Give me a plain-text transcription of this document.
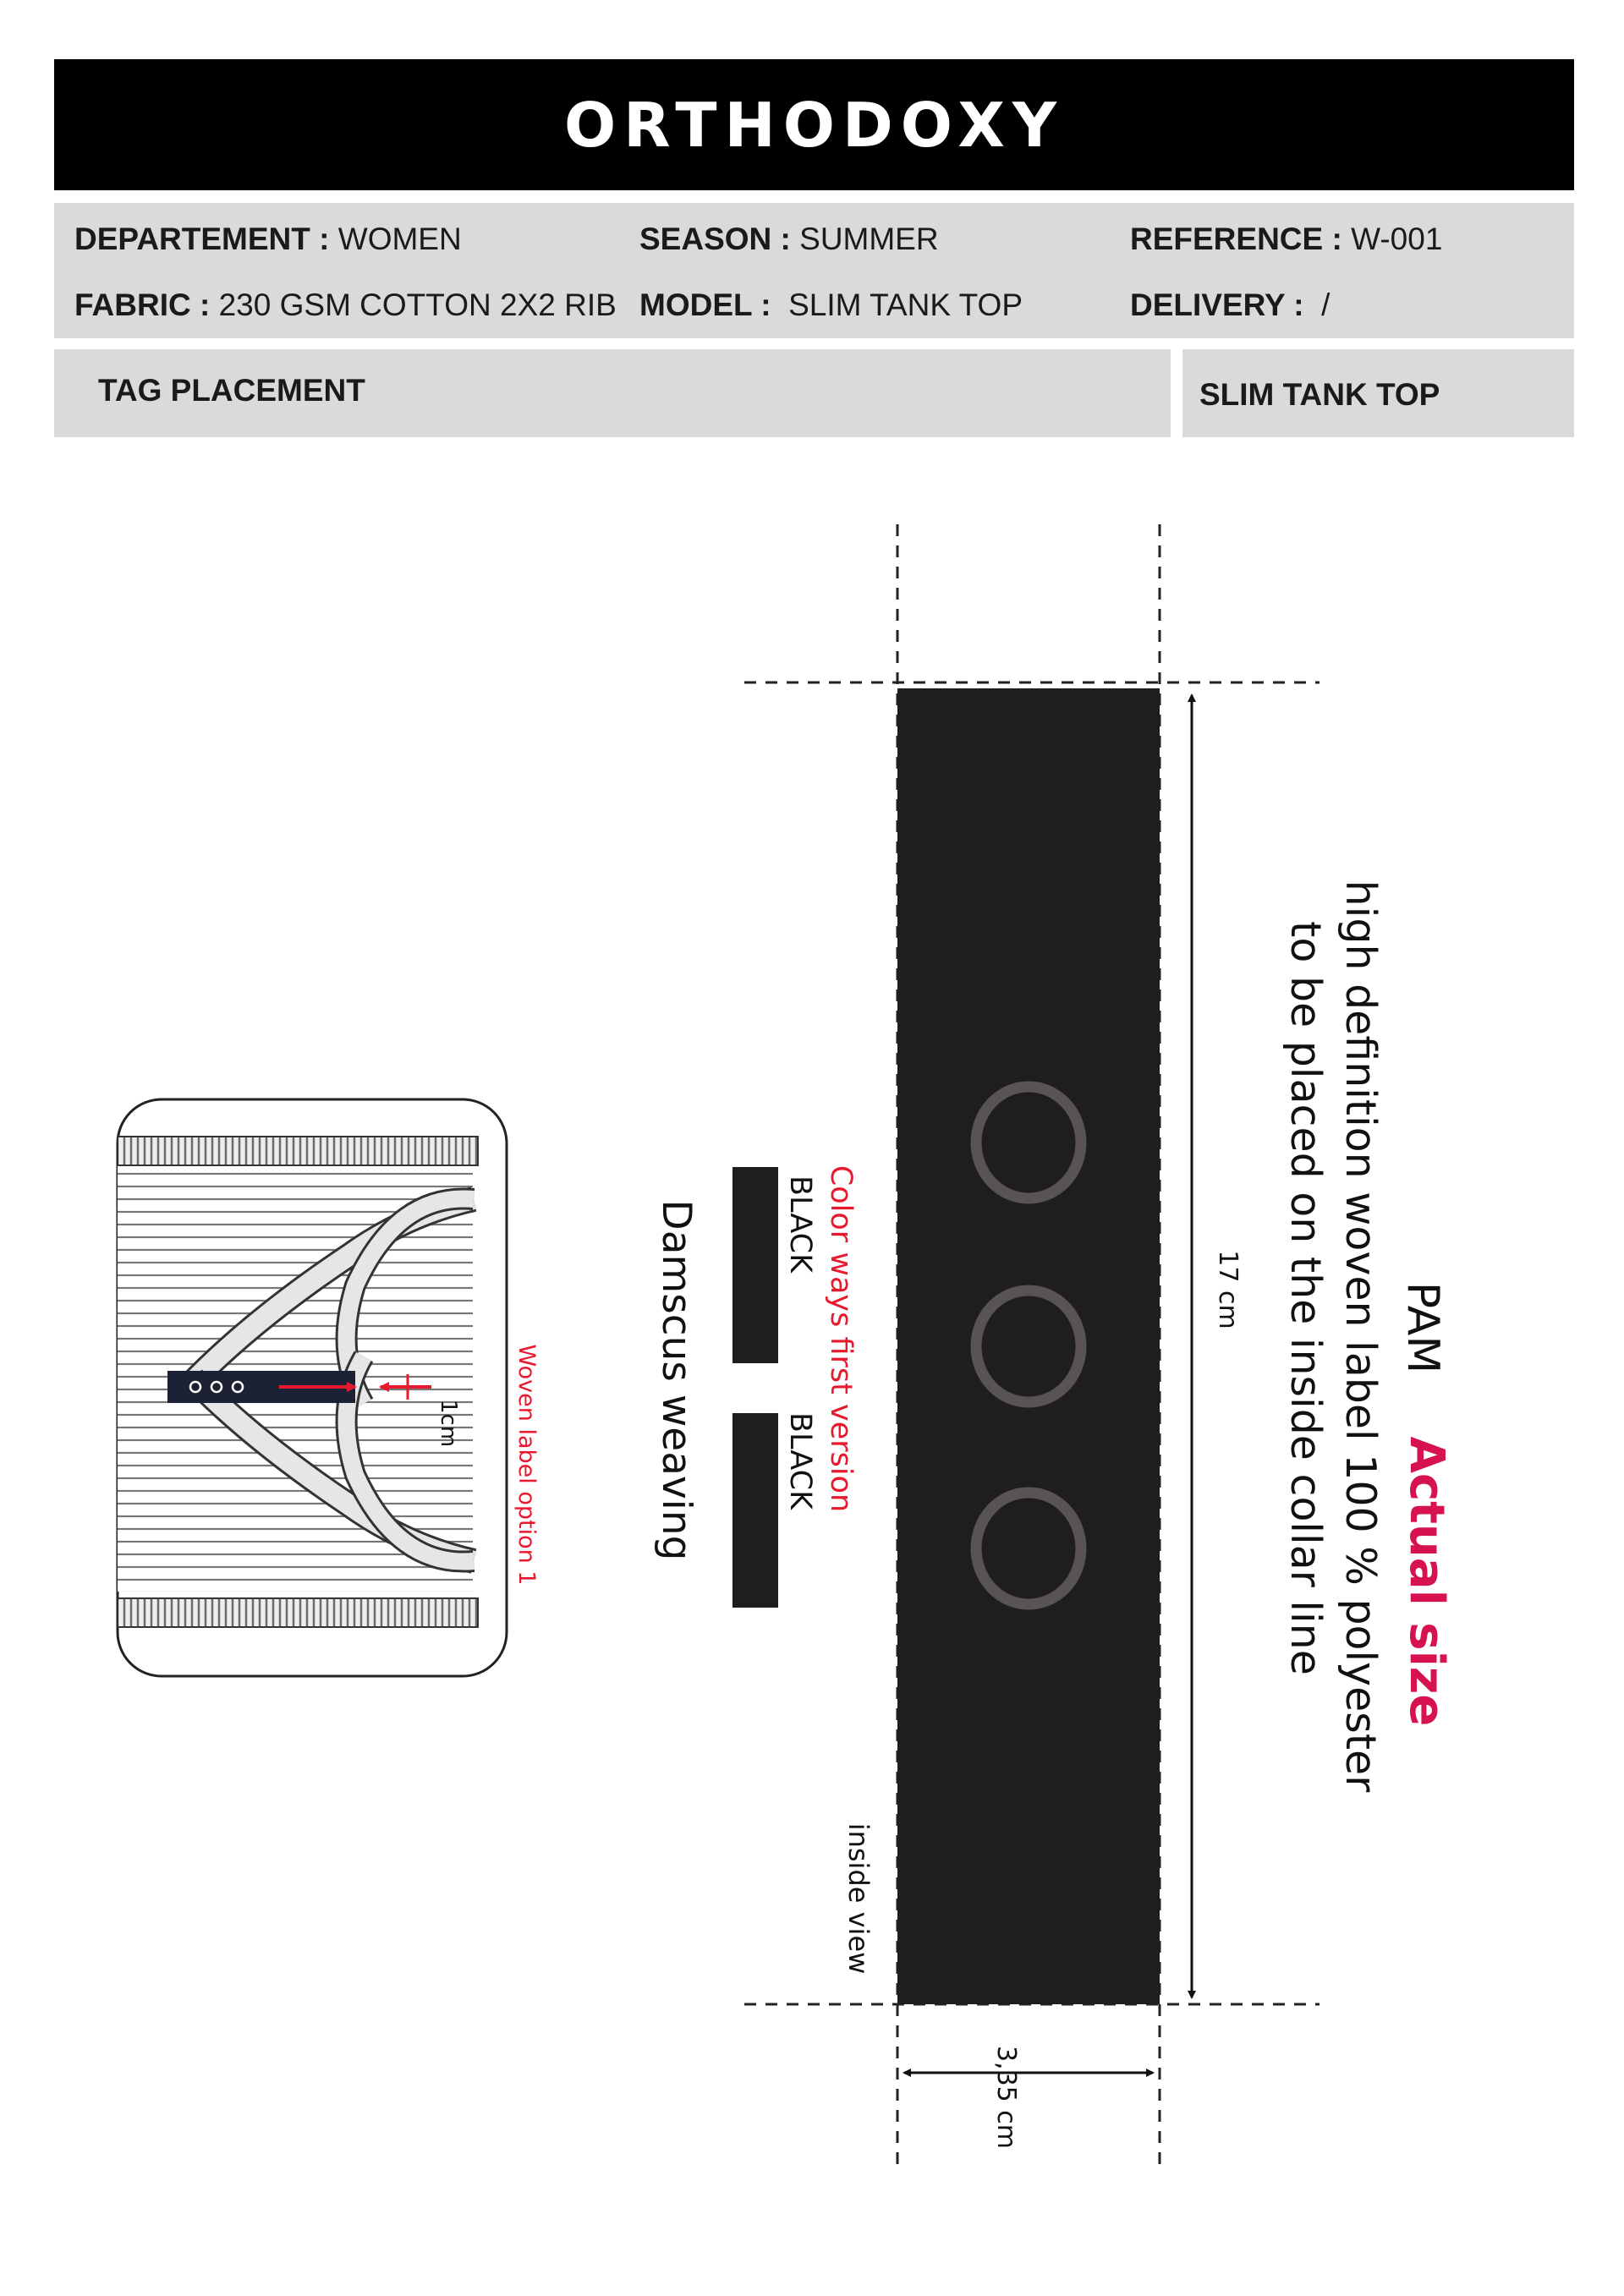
ORTHODOXY
DEPARTEMENT : WOMEN	SEASON : SUMMER	REFERENCE : W-001
FABRIC : 230 GSM COTTON 2X2 RIB MODEL : SLIM TANK TOP	DELIVERY : /
TAG PLACEMENT	SLIM TANK TOP
17 cm
3,35 cm
inside view
PAM
Actual size
high definition woven label 100 % polyester
to be placed on the inside collar line
Color ways first version
BLACK
BLACK
Damscus weaving
1cm Woven label option 1
